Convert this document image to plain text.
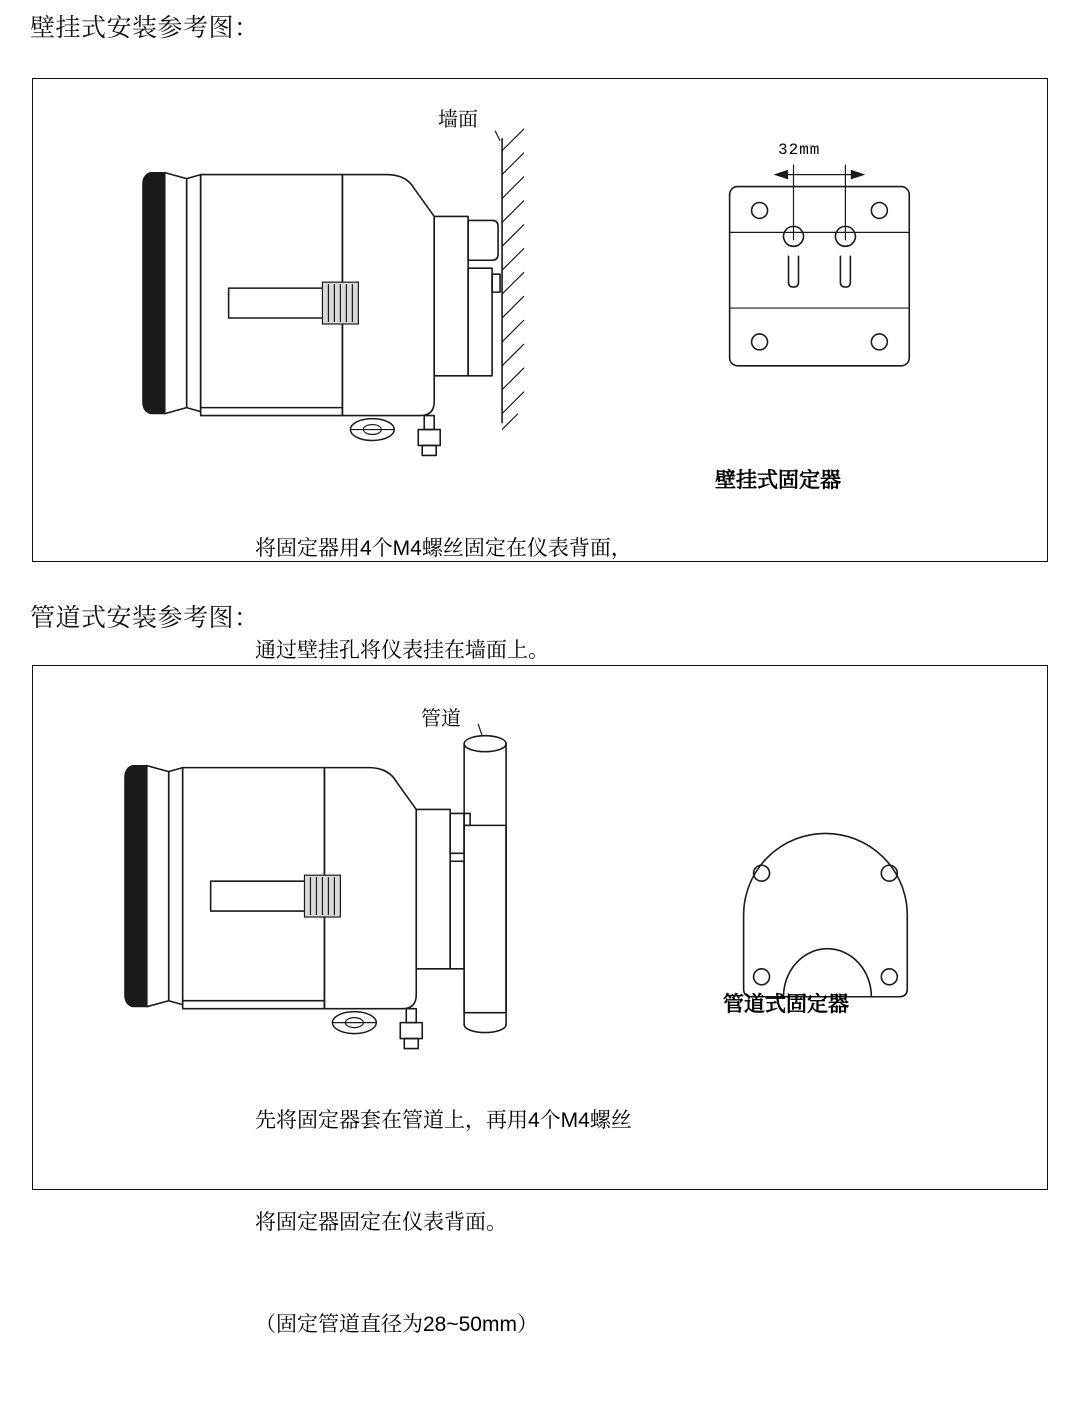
壁挂式安装参考图：
墙面
32mm
壁挂式固定器

将固定器用4个M4螺丝固定在仪表背面，

通过壁挂孔将仪表挂在墙面上。

管道式安装参考图：
管道
管道式固定器

先将固定器套在管道上，再用4个M4螺丝

将固定器固定在仪表背面。

（固定管道直径为28~50mm）
